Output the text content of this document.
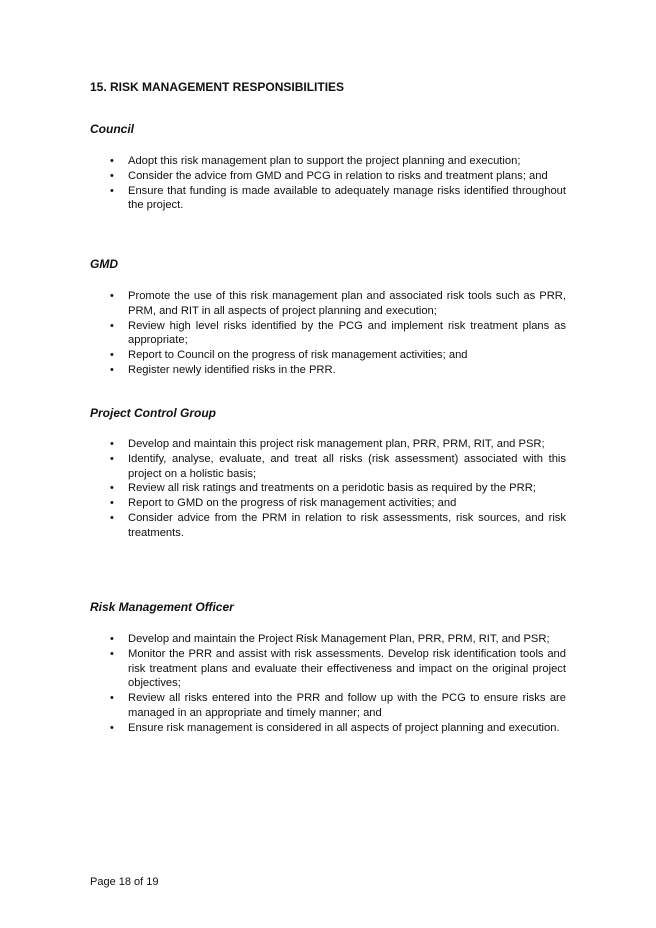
15. RISK MANAGEMENT RESPONSIBILITIES
Council
• Adopt this risk management plan to support the project planning and execution;
• Consider the advice from GMD and PCG in relation to risks and treatment plans; and
• Ensure that funding is made available to adequately manage risks identified throughout the project.
GMD
• Promote the use of this risk management plan and associated risk tools such as PRR, PRM, and RIT in all aspects of project planning and execution;
• Review high level risks identified by the PCG and implement risk treatment plans as appropriate;
• Report to Council on the progress of risk management activities; and
• Register newly identified risks in the PRR.
Project Control Group
• Develop and maintain this project risk management plan, PRR, PRM, RIT, and PSR;
• Identify, analyse, evaluate, and treat all risks (risk assessment) associated with this project on a holistic basis;
• Review all risk ratings and treatments on a peridotic basis as required by the PRR;
• Report to GMD on the progress of risk management activities; and
• Consider advice from the PRM in relation to risk assessments, risk sources, and risk treatments.
Risk Management Officer
• Develop and maintain the Project Risk Management Plan, PRR, PRM, RIT, and PSR;
• Monitor the PRR and assist with risk assessments. Develop risk identification tools and risk treatment plans and evaluate their effectiveness and impact on the original project objectives;
• Review all risks entered into the PRR and follow up with the PCG to ensure risks are managed in an appropriate and timely manner; and
• Ensure risk management is considered in all aspects of project planning and execution.
Page 18 of 19
